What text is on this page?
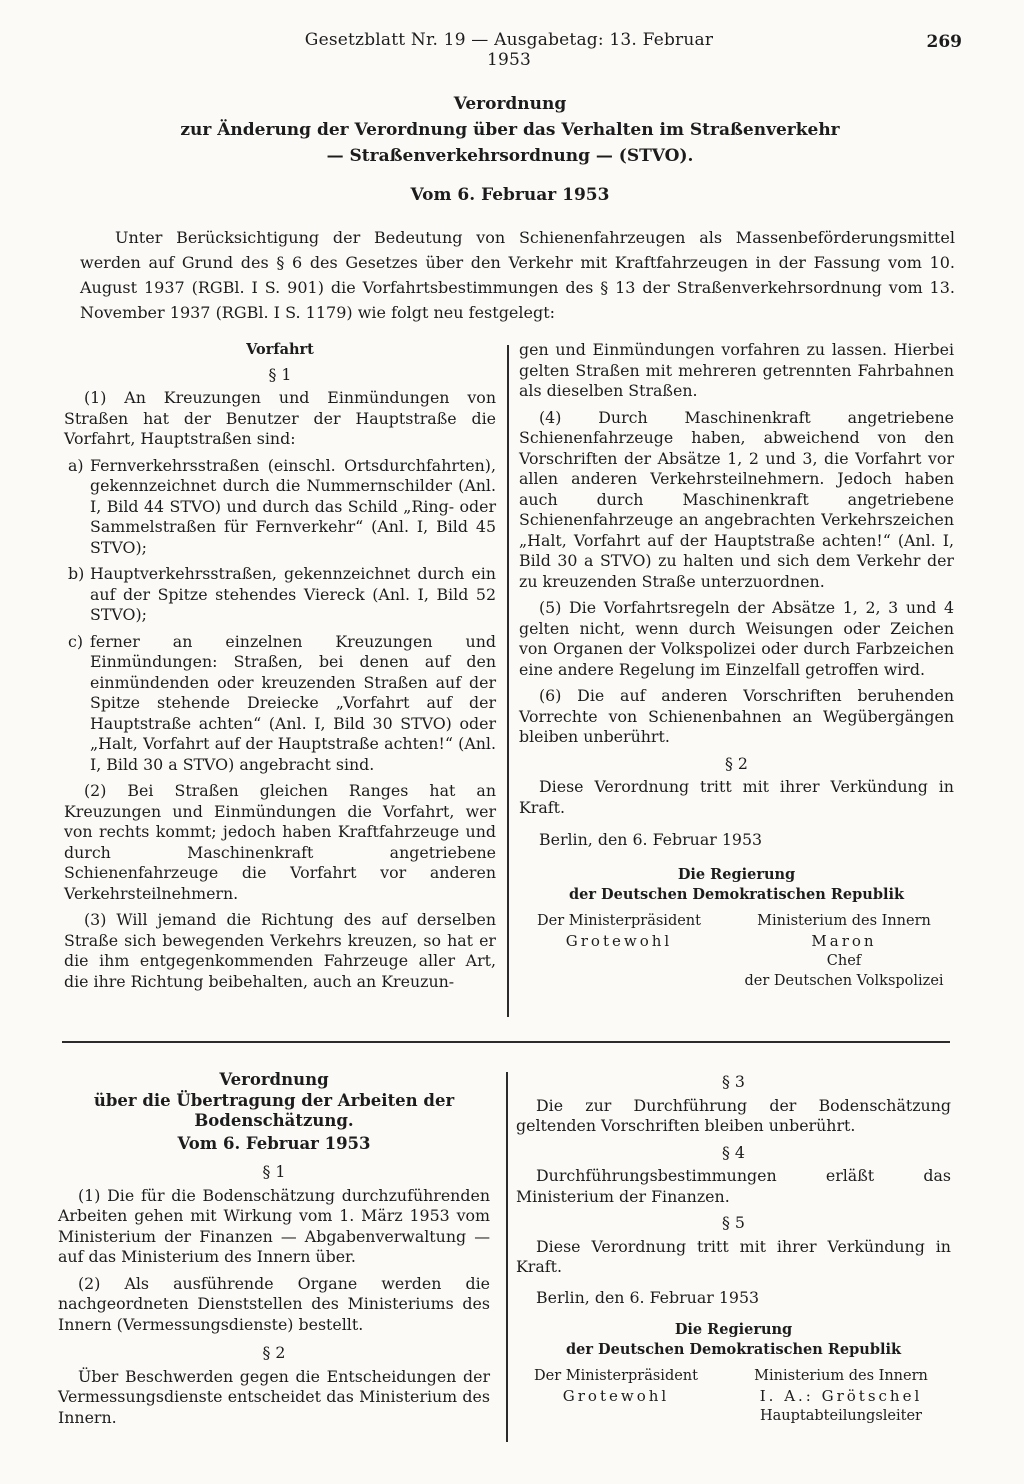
Gesetzblatt Nr. 19 — Ausgabetag: 13. Februar 1953
269
Verordnung
zur Änderung der Verordnung über das Verhalten im Straßenverkehr
— Straßenverkehrsordnung — (STVO).
Vom 6. Februar 1953

Unter Berücksichtigung der Bedeutung von Schienenfahrzeugen als Massenbeförderungsmittel werden auf Grund des § 6 des Gesetzes über den Verkehr mit Kraftfahrzeugen in der Fassung vom 10. August 1937 (RGBl. I S. 901) die Vorfahrtsbestimmungen des § 13 der Straßenverkehrsordnung vom 13. November 1937 (RGBl. I S. 1179) wie folgt neu festgelegt:

Vorfahrt

§ 1

(1) An Kreuzungen und Einmündungen von Straßen hat der Benutzer der Hauptstraße die Vorfahrt, Hauptstraßen sind:

a) Fernverkehrsstraßen (einschl. Ortsdurchfahrten), gekennzeichnet durch die Nummernschilder (Anl. I, Bild 44 STVO) und durch das Schild „Ring- oder Sammelstraßen für Fernverkehr“ (Anl. I, Bild 45 STVO);

b) Hauptverkehrsstraßen, gekennzeichnet durch ein auf der Spitze stehendes Viereck (Anl. I, Bild 52 STVO);

c) ferner an einzelnen Kreuzungen und Einmündungen: Straßen, bei denen auf den einmündenden oder kreuzenden Straßen auf der Spitze stehende Dreiecke „Vorfahrt auf der Hauptstraße achten“ (Anl. I, Bild 30 STVO) oder „Halt, Vorfahrt auf der Hauptstraße achten!“ (Anl. I, Bild 30 a STVO) angebracht sind.

(2) Bei Straßen gleichen Ranges hat an Kreuzungen und Einmündungen die Vorfahrt, wer von rechts kommt; jedoch haben Kraftfahrzeuge und durch Maschinenkraft angetriebene Schienenfahrzeuge die Vorfahrt vor anderen Verkehrsteilnehmern.

(3) Will jemand die Richtung des auf derselben Straße sich bewegenden Verkehrs kreuzen, so hat er die ihm entgegenkommenden Fahrzeuge aller Art, die ihre Richtung beibehalten, auch an Kreuzun-

gen und Einmündungen vorfahren zu lassen. Hierbei gelten Straßen mit mehreren getrennten Fahrbahnen als dieselben Straßen.

(4) Durch Maschinenkraft angetriebene Schienenfahrzeuge haben, abweichend von den Vorschriften der Absätze 1, 2 und 3, die Vorfahrt vor allen anderen Verkehrsteilnehmern. Jedoch haben auch durch Maschinenkraft angetriebene Schienenfahrzeuge an angebrachten Verkehrszeichen „Halt, Vorfahrt auf der Hauptstraße achten!“ (Anl. I, Bild 30 a STVO) zu halten und sich dem Verkehr der zu kreuzenden Straße unterzuordnen.

(5) Die Vorfahrtsregeln der Absätze 1, 2, 3 und 4 gelten nicht, wenn durch Weisungen oder Zeichen von Organen der Volkspolizei oder durch Farbzeichen eine andere Regelung im Einzelfall getroffen wird.

(6) Die auf anderen Vorschriften beruhenden Vorrechte von Schienenbahnen an Wegübergängen bleiben unberührt.

§ 2

Diese Verordnung tritt mit ihrer Verkündung in Kraft.

Berlin, den 6. Februar 1953

Die Regierung
der Deutschen Demokratischen Republik
Der Ministerpräsident
Grotewohl
Ministerium des Innern
Maron
Chef
der Deutschen Volkspolizei

Verordnung

über die Übertragung der Arbeiten der Bodenschätzung.

Vom 6. Februar 1953

§ 1

(1) Die für die Bodenschätzung durchzuführenden Arbeiten gehen mit Wirkung vom 1. März 1953 vom Ministerium der Finanzen — Abgabenverwaltung — auf das Ministerium des Innern über.

(2) Als ausführende Organe werden die nachgeordneten Dienststellen des Ministeriums des Innern (Vermessungsdienste) bestellt.

§ 2

Über Beschwerden gegen die Entscheidungen der Vermessungsdienste entscheidet das Ministerium des Innern.

§ 3

Die zur Durchführung der Bodenschätzung geltenden Vorschriften bleiben unberührt.

§ 4

Durchführungsbestimmungen erläßt das Ministerium der Finanzen.

§ 5

Diese Verordnung tritt mit ihrer Verkündung in Kraft.

Berlin, den 6. Februar 1953

Die Regierung
der Deutschen Demokratischen Republik
Der Ministerpräsident
Grotewohl
Ministerium des Innern
I. A.: Grötschel
Hauptabteilungsleiter
